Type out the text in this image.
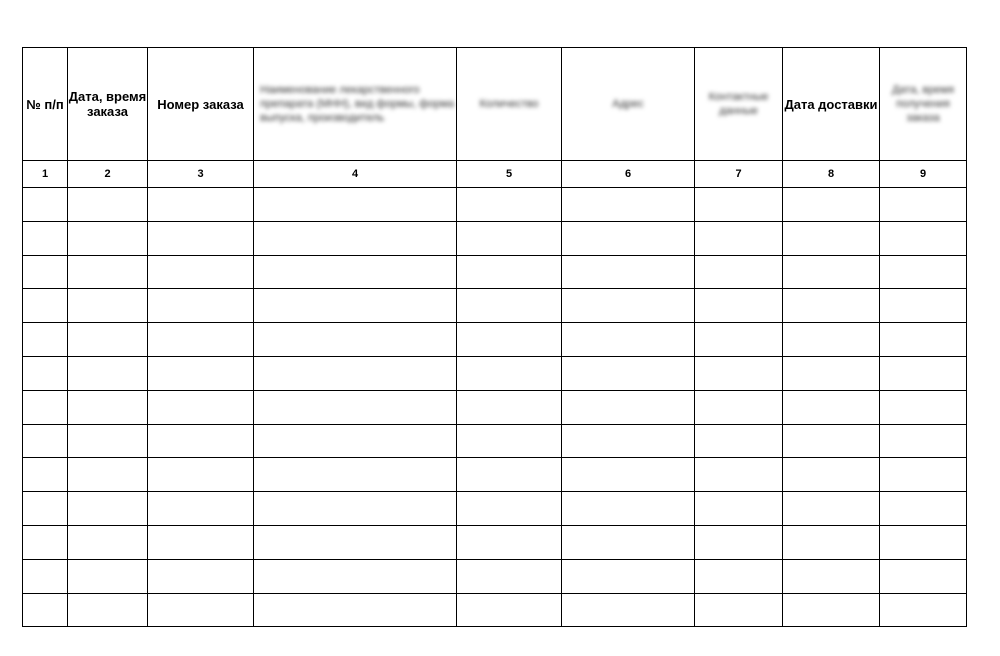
№ п/п	Дата, время заказа	Номер заказа	Наименование лекарственного препарата (МНН), вид формы, форма выпуска, производитель	Количество	Адрес	Контактные данные	Дата доставки	Дата, время получения заказа

1	2	3	4	5	6	7	8	9
